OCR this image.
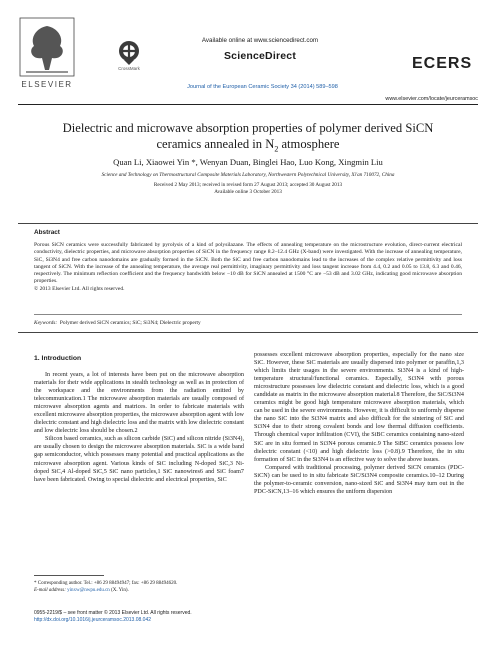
ELSEVIER
CrossMark
Available online at www.sciencedirect.com
ScienceDirect
Journal of the European Ceramic Society 34 (2014) 589–598
ECERS
www.elsevier.com/locate/jeurceramsoc
Dielectric and microwave absorption properties of polymer derived SiCN
ceramics annealed in $N_2$ atmosphere
Quan Li, Xiaowei Yin *, Wenyan Duan, Binglei Hao, Luo Kong, Xingmin Liu
Science and Technology on Thermostructural Composite Materials Laboratory, Northwestern Polytechnical University, Xi'an 710072, China
Received 2 May 2013; received in revised form 27 August 2013; accepted 30 August 2013
Available online 3 October 2013
Abstract
Porous SiCN ceramics were successfully fabricated by pyrolysis of a kind of polysilazane. The effects of annealing temperature on the microstructure evolution, direct-current electrical conductivity, dielectric properties, and microwave absorption properties of SiCN in the frequency range 8.2–12.4 GHz (X-band) were investigated. With the increase of annealing temperature, SiC, Si3N4 and free carbon nanodomains are gradually formed in the SiCN. Both the SiC and free carbon nanodomains lead to the increases of the complex relative permittivity and loss tangent of SiCN. With the increase of the annealing temperature, the average real permittivity, imaginary permittivity and loss tangent increase from 4.4, 0.2 and 0.05 to 13.8, 6.3 and 0.46, respectively. The minimum reflection coefficient and the frequency bandwidth below −10 dB for SiCN annealed at 1500 °C are −53 dB and 3.02 GHz, indicating good microwave absorption properties.
© 2013 Elsevier Ltd. All rights reserved.
Keywords: Polymer derived SiCN ceramics; SiC; Si3N4; Dielectric property
1. Introduction

In recent years, a lot of interests have been put on the microwave absorption materials for their wide applications in stealth technology as well as in protection of the workspace and the environments from the radiation emitted by telecommunication.1 The microwave absorption materials are usually composed of microwave absorption agents and matrices. In order to fabricate materials with excellent microwave absorption properties, the microwave absorption agent with low dielectric constant and high dielectric loss and the matrix with low dielectric constant and low dielectric loss should be chosen.2

Silicon based ceramics, such as silicon carbide (SiC) and silicon nitride (Si3N4), are usually chosen to design the microwave absorption materials. SiC is a wide band gap semiconductor, which possesses many potential and practical applications as the microwave absorption agent. Various kinds of SiC including N-doped SiC,3 Ni-doped SiC,4 Al-doped SiC,5 SiC nano particles,1 SiC nanowires6 and SiC foam7 have been fabricated. Owing to special dielectric and electrical properties, SiC

possesses excellent microwave absorption properties, especially for the nano size SiC. However, these SiC materials are usually dispersed into polymer or paraffin,1,3 which limits their usages in the severe environments. Si3N4 is a kind of high-temperature structural/functional ceramics. Especially, Si3N4 with porous microstructure possesses low dielectric constant and dielectric loss, which is a good candidate as matrix in the microwave absorption material.8 Therefore, the SiC/Si3N4 ceramics might be good high temperature microwave absorption materials, which can be used in the severe environments. However, it is difficult to uniformly disperse the nano SiC into the Si3N4 matrix and also difficult for the sintering of SiC and Si3N4 due to their strong covalent bonds and low thermal diffusion coefficients. Through chemical vapor infiltration (CVI), the SiBC ceramics containing nano-sized SiC are in situ formed in Si3N4 porous ceramic.9 The SiBC ceramics possess low dielectric constant (<10) and high dielectric loss (>0.8).9 Therefore, the in situ formation of SiC in the Si3N4 is an effective way to solve the above issues.

Compared with traditional processing, polymer derived SiCN ceramics (PDC-SiCN) can be used to in situ fabricate SiC/Si3N4 composite ceramics.10–12 During the polymer-to-ceramic conversion, nano-sized SiC and Si3N4 may turn out in the PDC-SiCN,13–16 which ensures the uniform dispersion

* Corresponding author. Tel.: +86 29 88494947; fax: +86 29 88494620.
E-mail address: yinxw@nwpu.edu.cn (X. Yin).
0955-2219/$ – see front matter © 2013 Elsevier Ltd. All rights reserved.
http://dx.doi.org/10.1016/j.jeurceramsoc.2013.08.042
